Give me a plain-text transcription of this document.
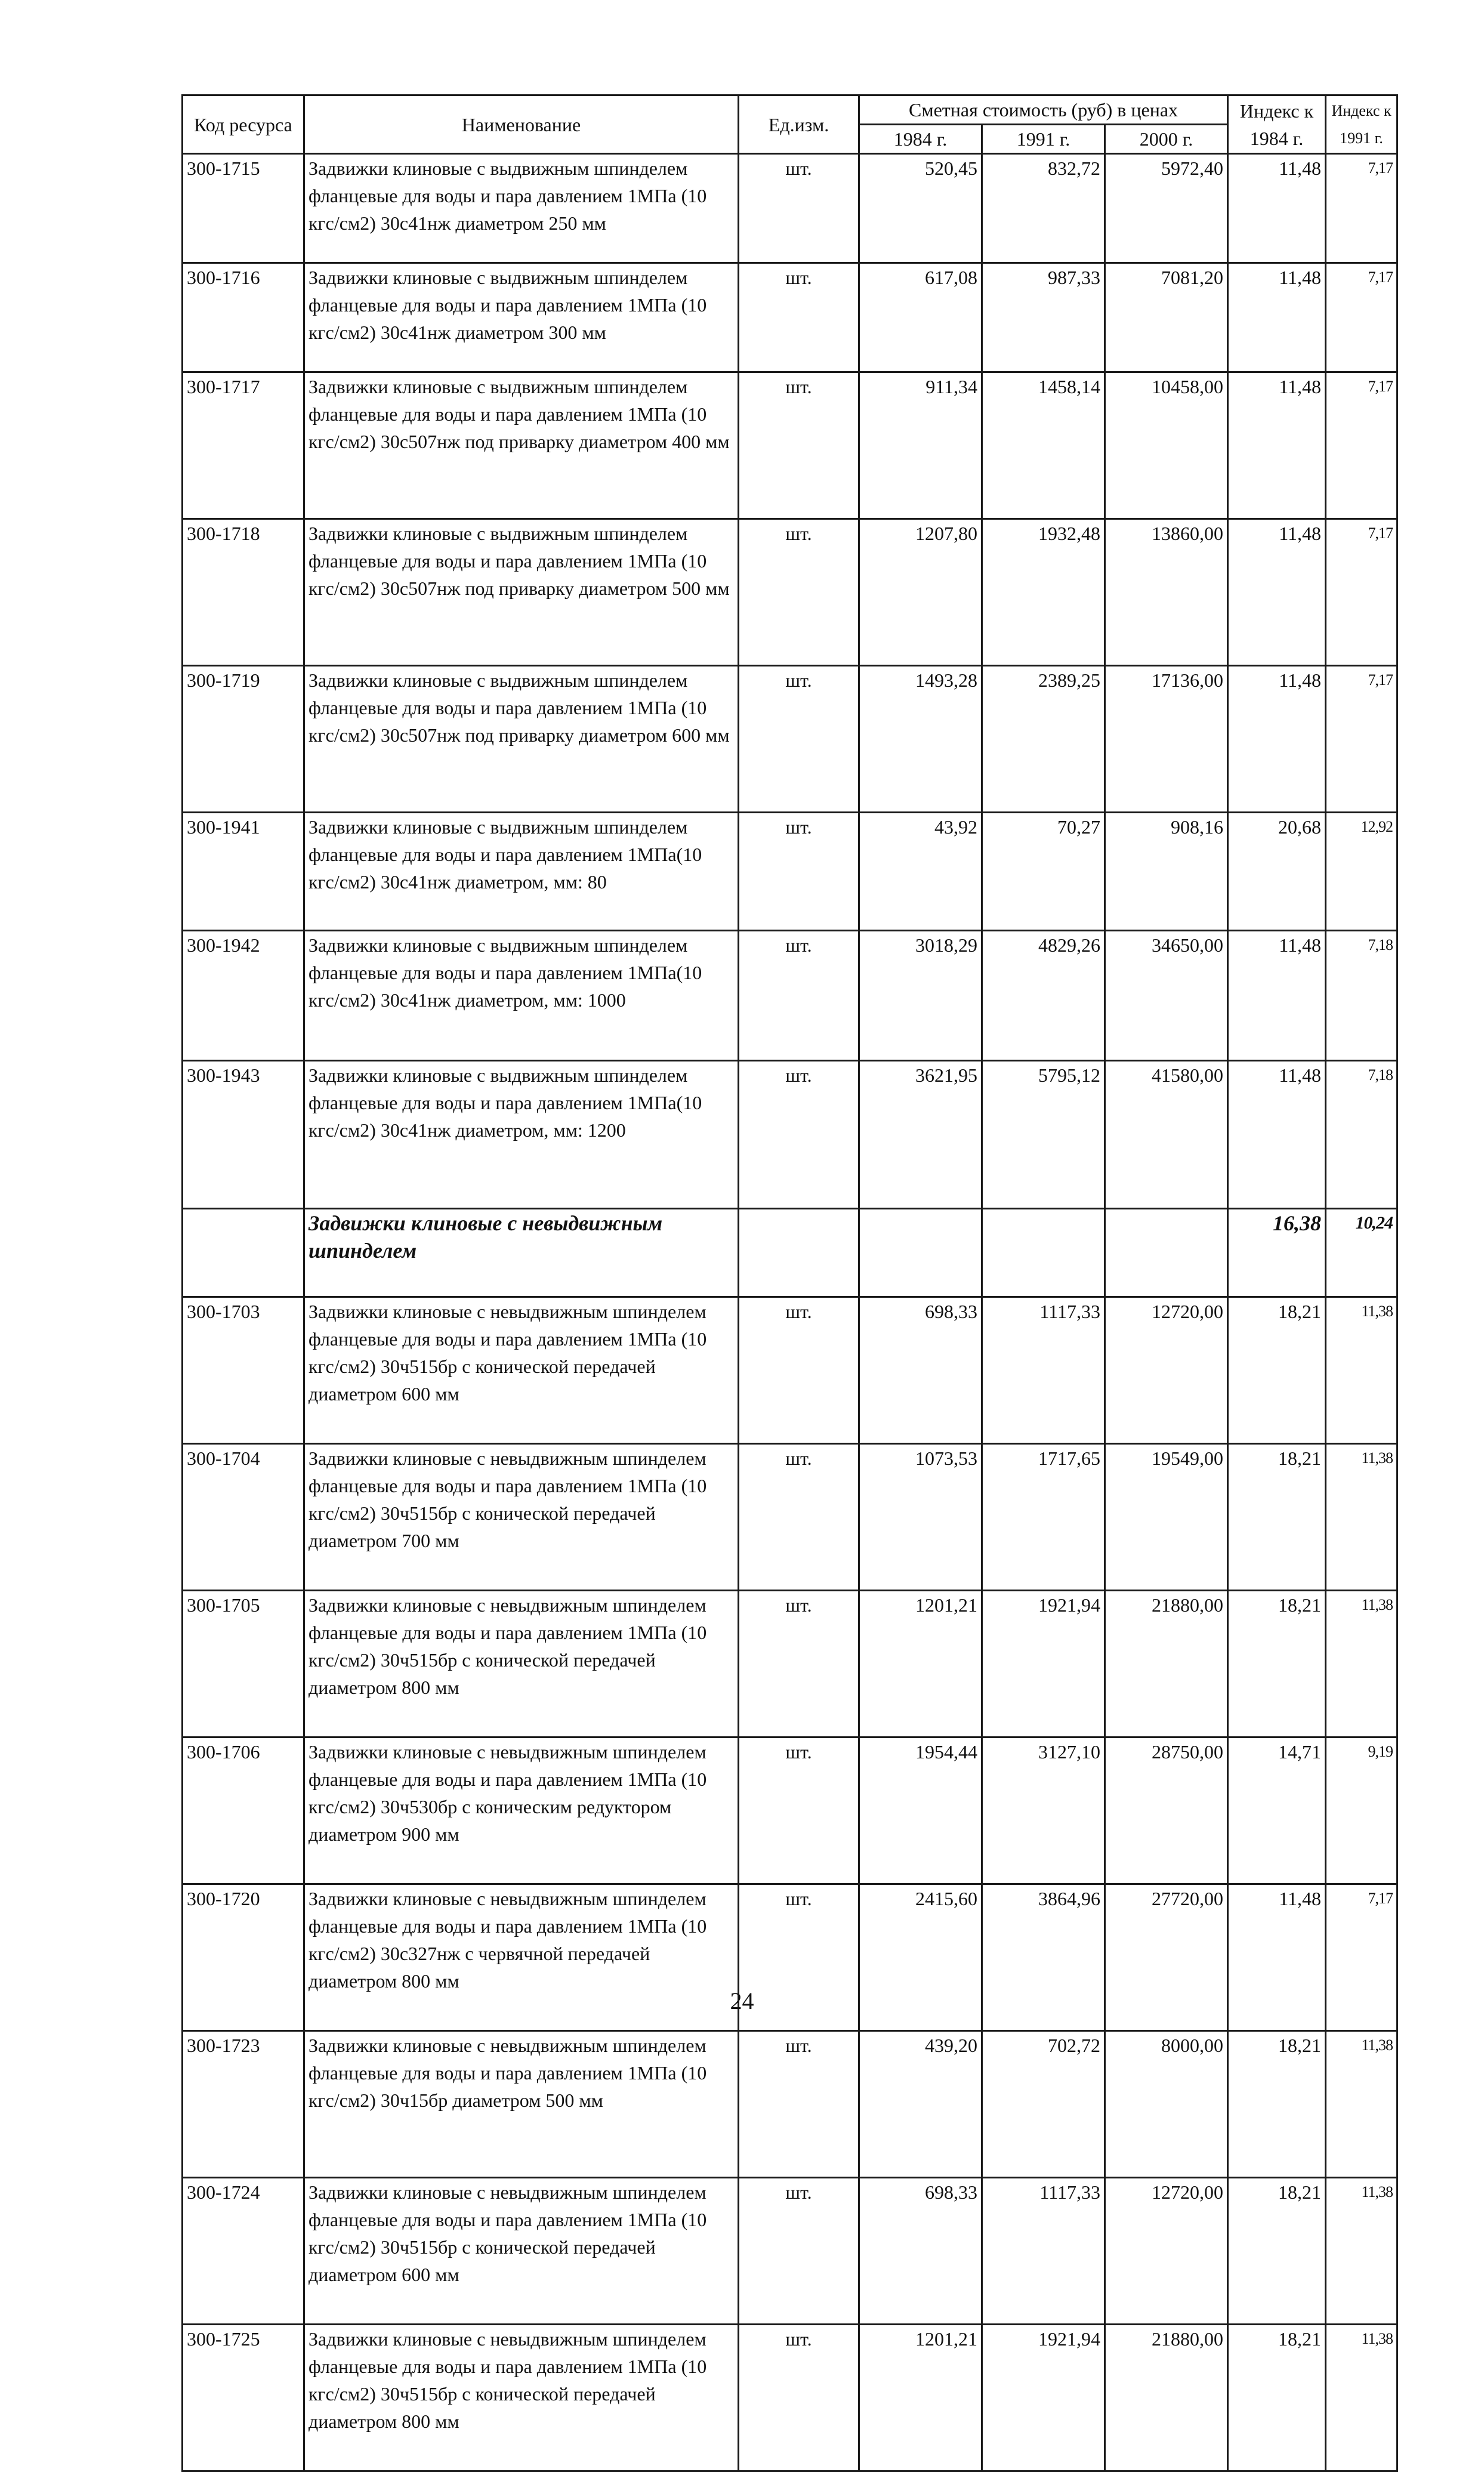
Код ресурса	Наименование	Ед.изм.	Сметная стоимость (руб) в ценах			Индекс к 1984 г.	Индекс к 1991 г.
			1984 г.	1991 г.	2000 г.		
300-1715	Задвижки клиновые с выдвижным шпинделем фланцевые для воды и пара давлением 1МПа (10 кгс/см2) 30с41нж диаметром 250 мм	шт.	520,45	832,72	5972,40	11,48	7,17
300-1716	Задвижки клиновые с выдвижным шпинделем фланцевые для воды и пара давлением 1МПа (10 кгс/см2) 30с41нж диаметром 300 мм	шт.	617,08	987,33	7081,20	11,48	7,17
300-1717	Задвижки клиновые с выдвижным шпинделем фланцевые для воды и пара давлением 1МПа (10 кгс/см2) 30с507нж под приварку диаметром 400 мм	шт.	911,34	1458,14	10458,00	11,48	7,17
300-1718	Задвижки клиновые с выдвижным шпинделем фланцевые для воды и пара давлением 1МПа (10 кгс/см2) 30с507нж под приварку диаметром 500 мм	шт.	1207,80	1932,48	13860,00	11,48	7,17
300-1719	Задвижки клиновые с выдвижным шпинделем фланцевые для воды и пара давлением 1МПа (10 кгс/см2) 30с507нж под приварку диаметром 600 мм	шт.	1493,28	2389,25	17136,00	11,48	7,17
300-1941	Задвижки клиновые с выдвижным шпинделем фланцевые для воды и пара давлением 1МПа(10 кгс/см2) 30с41нж диаметром, мм: 80	шт.	43,92	70,27	908,16	20,68	12,92
300-1942	Задвижки клиновые с выдвижным шпинделем фланцевые для воды и пара давлением 1МПа(10 кгс/см2) 30с41нж диаметром, мм: 1000	шт.	3018,29	4829,26	34650,00	11,48	7,18
300-1943	Задвижки клиновые с выдвижным шпинделем фланцевые для воды и пара давлением 1МПа(10 кгс/см2) 30с41нж диаметром, мм: 1200	шт.	3621,95	5795,12	41580,00	11,48	7,18
	Задвижки клиновые с невыдвижным шпинделем					16,38	10,24
300-1703	Задвижки клиновые с невыдвижным шпинделем фланцевые для воды и пара давлением 1МПа (10 кгс/см2) 30ч515бр с конической передачей диаметром 600 мм	шт.	698,33	1117,33	12720,00	18,21	11,38
300-1704	Задвижки клиновые с невыдвижным шпинделем фланцевые для воды и пара давлением 1МПа (10 кгс/см2) 30ч515бр с конической передачей диаметром 700 мм	шт.	1073,53	1717,65	19549,00	18,21	11,38
300-1705	Задвижки клиновые с невыдвижным шпинделем фланцевые для воды и пара давлением 1МПа (10 кгс/см2) 30ч515бр с конической передачей диаметром 800 мм	шт.	1201,21	1921,94	21880,00	18,21	11,38
300-1706	Задвижки клиновые с невыдвижным шпинделем фланцевые для воды и пара давлением 1МПа (10 кгс/см2) 30ч530бр с коническим редуктором диаметром 900 мм	шт.	1954,44	3127,10	28750,00	14,71	9,19
300-1720	Задвижки клиновые с невыдвижным шпинделем фланцевые для воды и пара давлением 1МПа (10 кгс/см2) 30с327нж с червячной передачей диаметром 800 мм	шт.	2415,60	3864,96	27720,00	11,48	7,17
300-1723	Задвижки клиновые с невыдвижным шпинделем фланцевые для воды и пара давлением 1МПа (10 кгс/см2) 30ч15бр диаметром 500 мм	шт.	439,20	702,72	8000,00	18,21	11,38
300-1724	Задвижки клиновые с невыдвижным шпинделем фланцевые для воды и пара давлением 1МПа (10 кгс/см2) 30ч515бр с конической передачей диаметром 600 мм	шт.	698,33	1117,33	12720,00	18,21	11,38
300-1725	Задвижки клиновые с невыдвижным шпинделем фланцевые для воды и пара давлением 1МПа (10 кгс/см2) 30ч515бр с конической передачей диаметром 800 мм	шт.	1201,21	1921,94	21880,00	18,21	11,38
24
